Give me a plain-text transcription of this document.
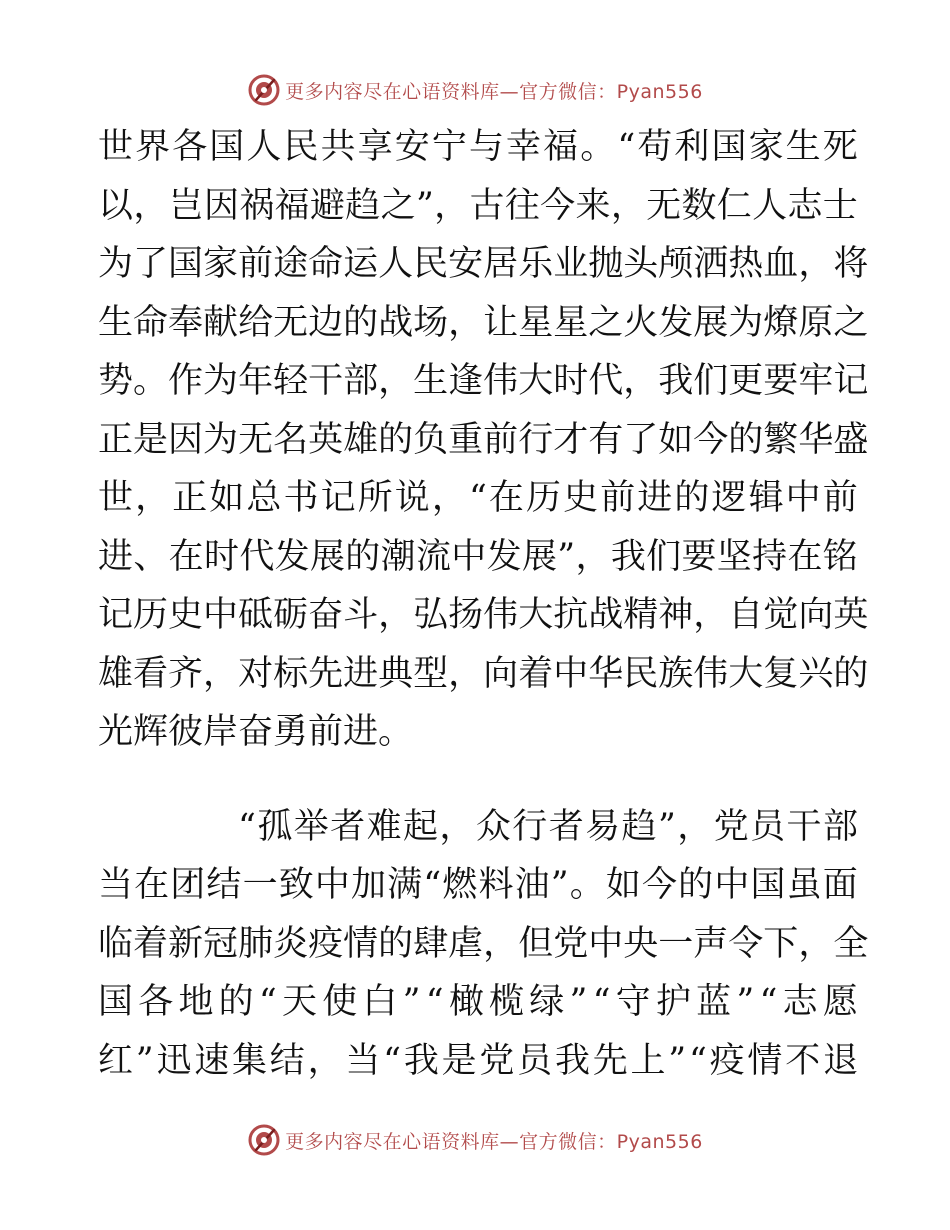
更多内容尽在心语资料库—官方微信：Pyan556
世 界 各 国 人 民 共 享 安 宁 与 幸 福 。 “ 苟 利 国 家 生 死
以 ， 岂 因 祸 福 避 趋 之 ” ， 古 往 今 来 ， 无 数 仁 人 志 士
为 了 国 家 前 途 命 运 人 民 安 居 乐 业 抛 头 颅 洒 热 血 ， 将
生 命 奉 献 给 无 边 的 战 场 ， 让 星 星 之 火 发 展 为 燎 原 之
势 。 作 为 年 轻 干 部 ， 生 逢 伟 大 时 代 ， 我 们 更 要 牢 记
正 是 因 为 无 名 英 雄 的 负 重 前 行 才 有 了 如 今 的 繁 华 盛
世 ， 正 如 总 书 记 所 说 ， “ 在 历 史 前 进 的 逻 辑 中 前
进 、 在 时 代 发 展 的 潮 流 中 发 展 ” ， 我 们 要 坚 持 在 铭
记 历 史 中 砥 砺 奋 斗 ， 弘 扬 伟 大 抗 战 精 神 ， 自 觉 向 英
雄 看 齐 ， 对 标 先 进 典 型 ， 向 着 中 华 民 族 伟 大 复 兴 的
光辉彼岸奋勇前进。
“ 孤 举 者 难 起 ， 众 行 者 易 趋 ” ， 党 员 干 部
当 在 团 结 一 致 中 加 满 “ 燃 料 油 ” 。 如 今 的 中 国 虽 面
临 着 新 冠 肺 炎 疫 情 的 肆 虐 ， 但 党 中 央 一 声 令 下 ， 全
国 各 地 的 “ 天 使 白 ” “ 橄 榄 绿 ” “ 守 护 蓝 ” “ 志 愿
红 ” 迅 速 集 结 ， 当 “ 我 是 党 员 我 先 上 ” “ 疫 情 不 退
更多内容尽在心语资料库—官方微信：Pyan556
